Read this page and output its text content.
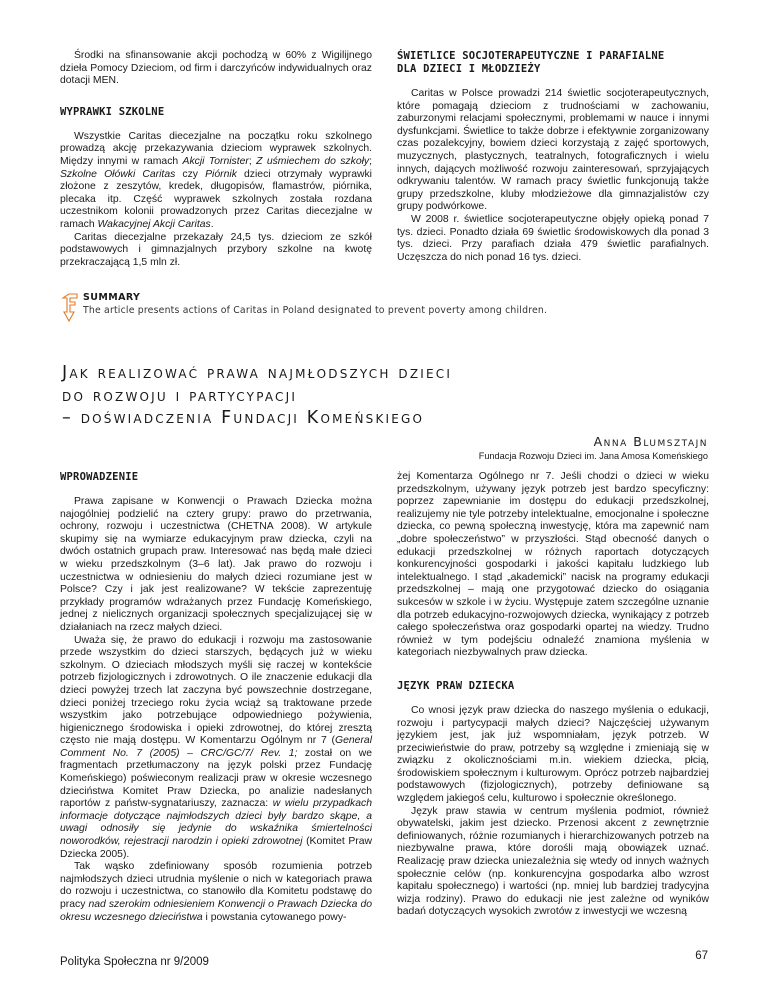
Środki na sfinansowanie akcji pochodzą w 60% z Wigilijnego dzieła Pomocy Dzieciom, od firm i darczyńców indywidualnych oraz dotacji MEN.

WYPRAWKI SZKOLNE

Wszystkie Caritas diecezjalne na początku roku szkolnego prowadzą akcję przekazywania dzieciom wyprawek szkolnych. Między innymi w ramach Akcji Tornister; Z uśmiechem do szkoły; Szkolne Ołówki Caritas czy Piórnik dzieci otrzymały wyprawki złożone z zeszytów, kredek, długopisów, flamastrów, piórnika, plecaka itp. Część wyprawek szkolnych została rozdana uczestnikom kolonii prowadzonych przez Caritas diecezjalne w ramach Wakacyjnej Akcji Caritas.

Caritas diecezjalne przekazały 24,5 tys. dzieciom ze szkół podstawowych i gimnazjalnych przybory szkolne na kwotę przekraczającą 1,5 mln zł.

ŚWIETLICE SOCJOTERAPEUTYCZNE I PARAFIALNE
DLA DZIECI I MŁODZIEŻY

Caritas w Polsce prowadzi 214 świetlic socjoterapeutycznych, które pomagają dzieciom z trudnościami w zachowaniu, zaburzonymi relacjami społecznymi, problemami w nauce i innymi dysfunkcjami. Świetlice to także dobrze i efektywnie zorganizowany czas pozalekcyjny, bowiem dzieci korzystają z zajęć sportowych, muzycznych, plastycznych, teatralnych, fotograficznych i wielu innych, dających możliwość rozwoju zainteresowań, sprzyjających odkrywaniu talentów. W ramach pracy świetlic funkcjonują także grupy przedszkolne, kluby młodzieżowe dla gimnazjalistów czy grupy podwórkowe.

W 2008 r. świetlice socjoterapeutyczne objęły opieką ponad 7 tys. dzieci. Ponadto działa 69 świetlic środowiskowych dla ponad 3 tys. dzieci. Przy parafiach działa 479 świetlic parafialnych. Uczęszcza do nich ponad 16 tys. dzieci.

SUMMARY
The article presents actions of Caritas in Poland designated to prevent poverty among children.
Jak realizować prawa najmłodszych dzieci
do rozwoju i partycypacji
– doświadczenia Fundacji Komeńskiego
Anna Blumsztajn
Fundacja Rozwoju Dzieci im. Jana Amosa Komeńskiego
WPROWADZENIE

Prawa zapisane w Konwencji o Prawach Dziecka można najogólniej podzielić na cztery grupy: prawo do przetrwania, ochrony, rozwoju i uczestnictwa (CHETNA 2008). W artykule skupimy się na wymiarze edukacyjnym praw dziecka, czyli na dwóch ostatnich grupach praw. Interesować nas będą małe dzieci w wieku przedszkolnym (3–6 lat). Jak prawo do rozwoju i uczestnictwa w odniesieniu do małych dzieci rozumiane jest w Polsce? Czy i jak jest realizowane? W tekście zaprezentuję przykłady programów wdrażanych przez Fundację Komeńskiego, jednej z nielicznych organizacji społecznych specjalizującej się w działaniach na rzecz małych dzieci.

Uważa się, że prawo do edukacji i rozwoju ma zastosowanie przede wszystkim do dzieci starszych, będących już w wieku szkolnym. O dzieciach młodszych myśli się raczej w kontekście potrzeb fizjologicznych i zdrowotnych. O ile znaczenie edukacji dla dzieci powyżej trzech lat zaczyna być powszechnie dostrzegane, dzieci poniżej trzeciego roku życia wciąż są traktowane przede wszystkim jako potrzebujące odpowiedniego pożywienia, higienicznego środowiska i opieki zdrowotnej, do której zresztą często nie mają dostępu. W Komentarzu Ogólnym nr 7 (General Comment No. 7 (2005) – CRC/GC/7/ Rev. 1; został on we fragmentach przetłumaczony na język polski przez Fundację Komeńskiego) poświeconym realizacji praw w okresie wczesnego dzieciństwa Komitet Praw Dziecka, po analizie nadesłanych raportów z państw-sygnatariuszy, zaznacza: w wielu przypadkach informacje dotyczące najmłodszych dzieci były bardzo skąpe, a uwagi odnosiły się jedynie do wskaźnika śmiertelności noworodków, rejestracji narodzin i opieki zdrowotnej (Komitet Praw Dziecka 2005).

Tak wąsko zdefiniowany sposób rozumienia potrzeb najmłodszych dzieci utrudnia myślenie o nich w kategoriach prawa do rozwoju i uczestnictwa, co stanowiło dla Komitetu podstawę do pracy nad szerokim odniesieniem Konwencji o Prawach Dziecka do okresu wczesnego dzieciństwa i powstania cytowanego powy-

żej Komentarza Ogólnego nr 7. Jeśli chodzi o dzieci w wieku przedszkolnym, używany język potrzeb jest bardzo specyficzny: poprzez zapewnianie im dostępu do edukacji przedszkolnej, realizujemy nie tyle potrzeby intelektualne, emocjonalne i społeczne dziecka, co pewną społeczną inwestycję, która ma zapewnić nam „dobre społeczeństwo” w przyszłości. Stąd obecność danych o edukacji przedszkolnej w różnych raportach dotyczących konkurencyjności gospodarki i jakości kapitału ludzkiego lub intelektualnego. I stąd „akademicki” nacisk na programy edukacji przedszkolnej – mają one przygotować dziecko do osiągania sukcesów w szkole i w życiu. Występuje zatem szczególne uznanie dla potrzeb edukacyjno-rozwojowych dziecka, wynikający z potrzeb całego społeczeństwa oraz gospodarki opartej na wiedzy. Trudno również w tym podejściu odnaleźć znamiona myślenia w kategoriach niezbywalnych praw dziecka.

JĘZYK PRAW DZIECKA

Co wnosi język praw dziecka do naszego myślenia o edukacji, rozwoju i partycypacji małych dzieci? Najczęściej używanym językiem jest, jak już wspomniałam, język potrzeb. W przeciwieństwie do praw, potrzeby są względne i zmieniają się w związku z okolicznościami m.in. wiekiem dziecka, płcią, środowiskiem społecznym i kulturowym. Oprócz potrzeb najbardziej podstawowych (fizjologicznych), potrzeby definiowane są względem jakiegoś celu, kulturowo i społecznie określonego.

Język praw stawia w centrum myślenia podmiot, również obywatelski, jakim jest dziecko. Przenosi akcent z zewnętrznie definiowanych, różnie rozumianych i hierarchizowanych potrzeb na niezbywalne prawa, które dorośli mają obowiązek uznać. Realizację praw dziecka uniezależnia się wtedy od innych ważnych społecznie celów (np. konkurencyjna gospodarka albo wzrost kapitału społecznego) i wartości (np. mniej lub bardziej tradycyjna wizja rodziny). Prawo do edukacji nie jest zależne od wyników badań dotyczących wysokich zwrotów z inwestycji we wczesną

Polityka Społeczna nr 9/2009	67
